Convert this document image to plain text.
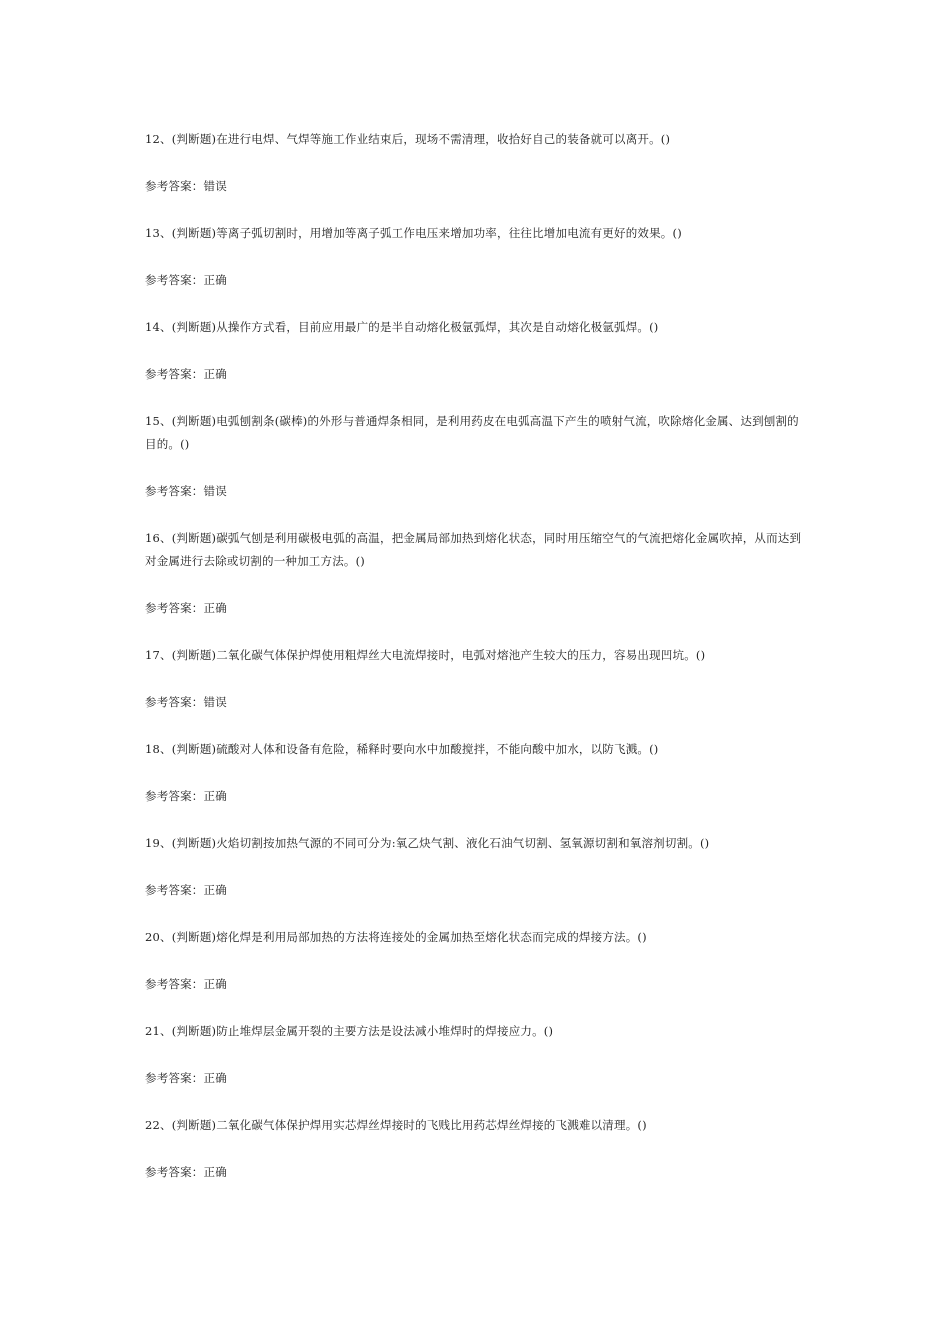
12、(判断题)在进行电焊、气焊等施工作业结束后，现场不需清理，收拾好自己的装备就可以离开。()

参考答案：错误

13、(判断题)等离子弧切割时，用增加等离子弧工作电压来增加功率，往往比增加电流有更好的效果。()

参考答案：正确

14、(判断题)从操作方式看，目前应用最广的是半自动熔化极氩弧焊，其次是自动熔化极氩弧焊。()

参考答案：正确

15、(判断题)电弧刨割条(碳棒)的外形与普通焊条相同，是利用药皮在电弧高温下产生的喷射气流，吹除熔化金属、达到刨割的目的。()

参考答案：错误

16、(判断题)碳弧气刨是利用碳极电弧的高温，把金属局部加热到熔化状态，同时用压缩空气的气流把熔化金属吹掉，从而达到对金属进行去除或切割的一种加工方法。()

参考答案：正确

17、(判断题)二氧化碳气体保护焊使用粗焊丝大电流焊接时，电弧对熔池产生较大的压力，容易出现凹坑。()

参考答案：错误

18、(判断题)硫酸对人体和设备有危险，稀释时要向水中加酸搅拌，不能向酸中加水，以防飞溅。()

参考答案：正确

19、(判断题)火焰切割按加热气源的不同可分为:氧乙炔气割、液化石油气切割、氢氧源切割和氧溶剂切割。()

参考答案：正确

20、(判断题)熔化焊是利用局部加热的方法将连接处的金属加热至熔化状态而完成的焊接方法。()

参考答案：正确

21、(判断题)防止堆焊层金属开裂的主要方法是设法减小堆焊时的焊接应力。()

参考答案：正确

22、(判断题)二氧化碳气体保护焊用实芯焊丝焊接时的飞贱比用药芯焊丝焊接的飞溅难以清理。()

参考答案：正确
